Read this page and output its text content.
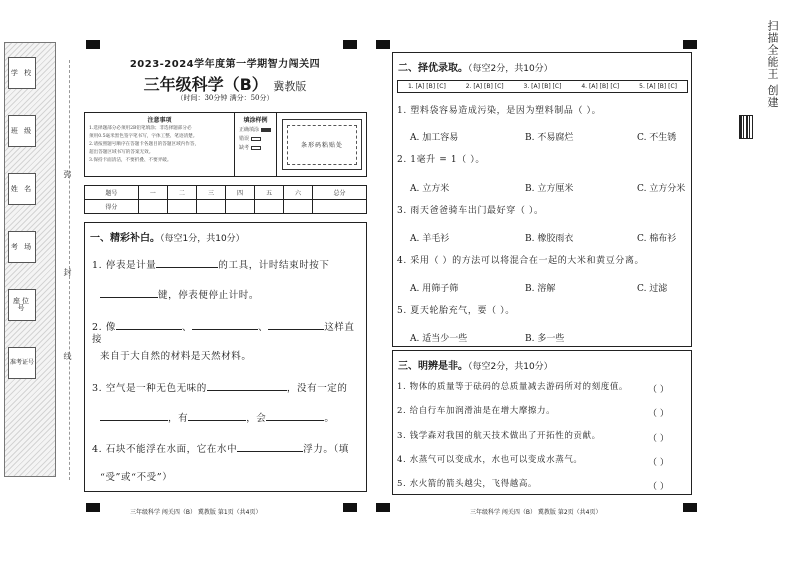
学 校
班 级
姓 名
考 场
座位号
准考证号
弥
封
线
2023-2024学年度第一学期智力闯关四
三年级科学（B） 冀教版
（时间：30分钟 满分：50分）
注意事项
1.选择题部分必须用2B铅笔填涂；非选择题部分必
须用0.5毫米黑色签字笔书写，字体工整、笔迹清楚。
2.请按照题号顺序在答题卡各题目的答题区域内作答，
超出答题区域书写的答案无效。
3.保持卡面清洁，不要折叠、不要弄破。
填涂样例
正确填涂
错误
缺考	条形码粘贴处
题号	一	二	三	四	五	六	总分
得分							
一、精彩补白。（每空1分，共10分）
1. 停表是计量	的工具，计时结束时按下
键，停表便停止计时。
2. 像	、	、	这样直接
来自于大自然的材料是天然材料。
3. 空气是一种无色无味的	，没有一定的
，有	，会	。
4. 石块不能浮在水面，它在水中	浮力。（填
“受”或“不受”）
三年级科学 闯关四（B） 冀教版 第1页（共4页）
二、择优录取。（每空2分，共10分）
1. [A] [B] [C]	2. [A] [B] [C]	3. [A] [B] [C]	4. [A] [B] [C]	5. [A] [B] [C]
1. 塑料袋容易造成污染，是因为塑料制品（ ）。
A. 加工容易	B. 不易腐烂	C. 不生锈
2. 1毫升 = 1（ ）。
A. 立方米	B. 立方厘米	C. 立方分米
3. 雨天爸爸骑车出门最好穿（ ）。
A. 羊毛衫	B. 橡胶雨衣	C. 棉布衫
4. 采用（ ）的方法可以将混合在一起的大米和黄豆分离。
A. 用筛子筛	B. 溶解	C. 过滤
5. 夏天轮胎充气，要（ ）。
A. 适当少一些	B. 多一些
三、明辨是非。（每空2分，共10分）
1. 物体的质量等于砝码的总质量减去游码所对的刻度值。 （ ）
2. 给自行车加润滑油是在增大摩擦力。	（ ）
3. 钱学森对我国的航天技术做出了开拓性的贡献。	（ ）
4. 水蒸气可以变成水，水也可以变成水蒸气。	（ ）
5. 水火箭的箭头越尖，飞得越高。	（ ）
三年级科学 闯关四（B） 冀教版 第2页（共4页）
扫描全能王 创建
